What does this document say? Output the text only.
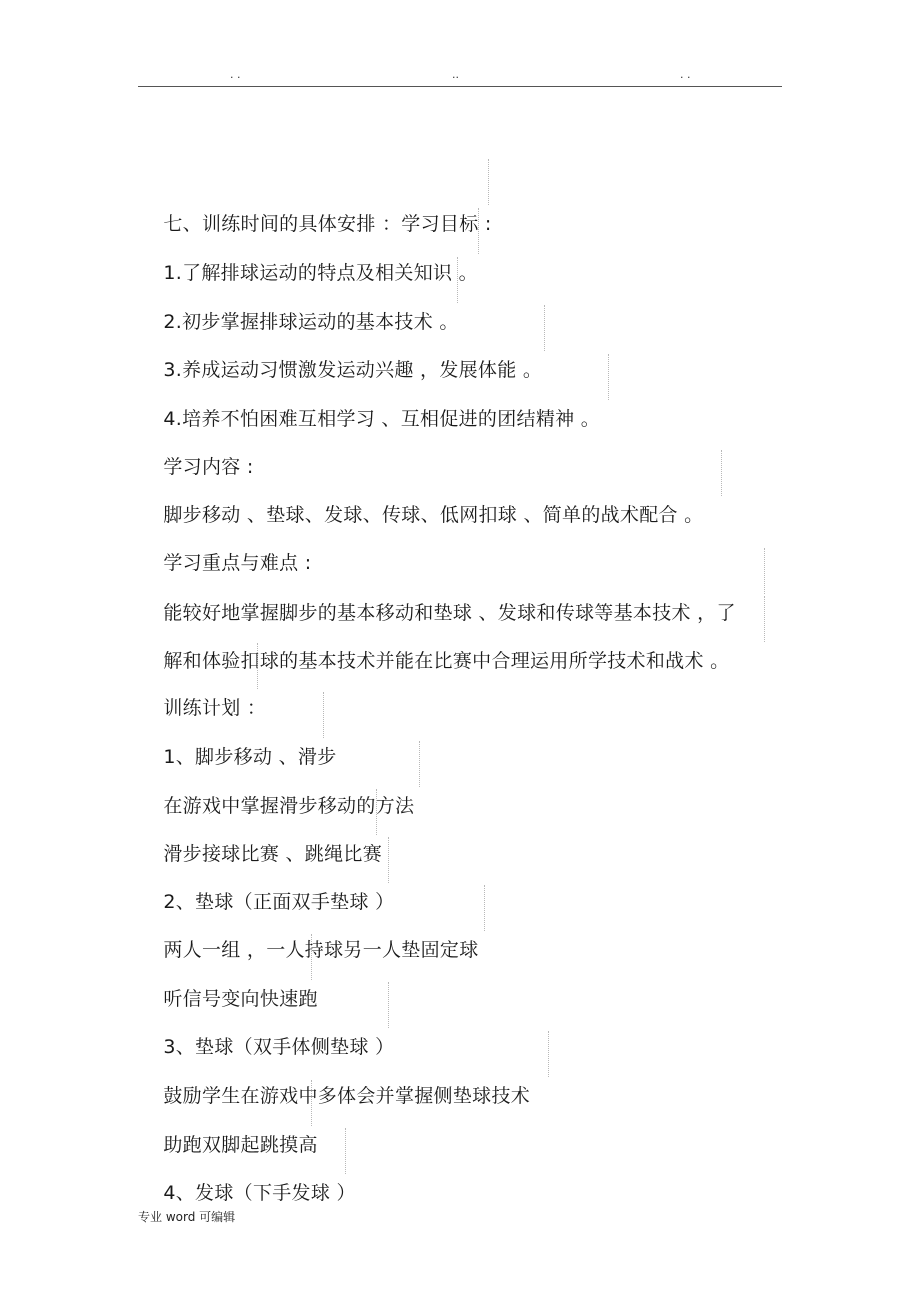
. .	..	. .

七、训练时间的具体安排 ：学习目标 :

1.了解排球运动的特点及相关知识 。

2.初步掌握排球运动的基本技术 。

3.养成运动习惯激发运动兴趣 ，发展体能 。

4.培养不怕困难互相学习 、互相促进的团结精神 。

学习内容 :

脚步移动 、垫球、发球、传球、低网扣球 、简单的战术配合 。

学习重点与难点 :

能较好地掌握脚步的基本移动和垫球 、发球和传球等基本技术 ，了

解和体验扣球的基本技术并能在比赛中合理运用所学技术和战术 。

训练计划 ：

1、脚步移动 、滑步

在游戏中掌握滑步移动的方法

滑步接球比赛 、跳绳比赛

2、垫球（正面双手垫球 ）

两人一组 ，一人持球另一人垫固定球

听信号变向快速跑

3、垫球（双手体侧垫球 ）

鼓励学生在游戏中多体会并掌握侧垫球技术

助跑双脚起跳摸高

4、发球（下手发球 ）

专业 word 可编辑
